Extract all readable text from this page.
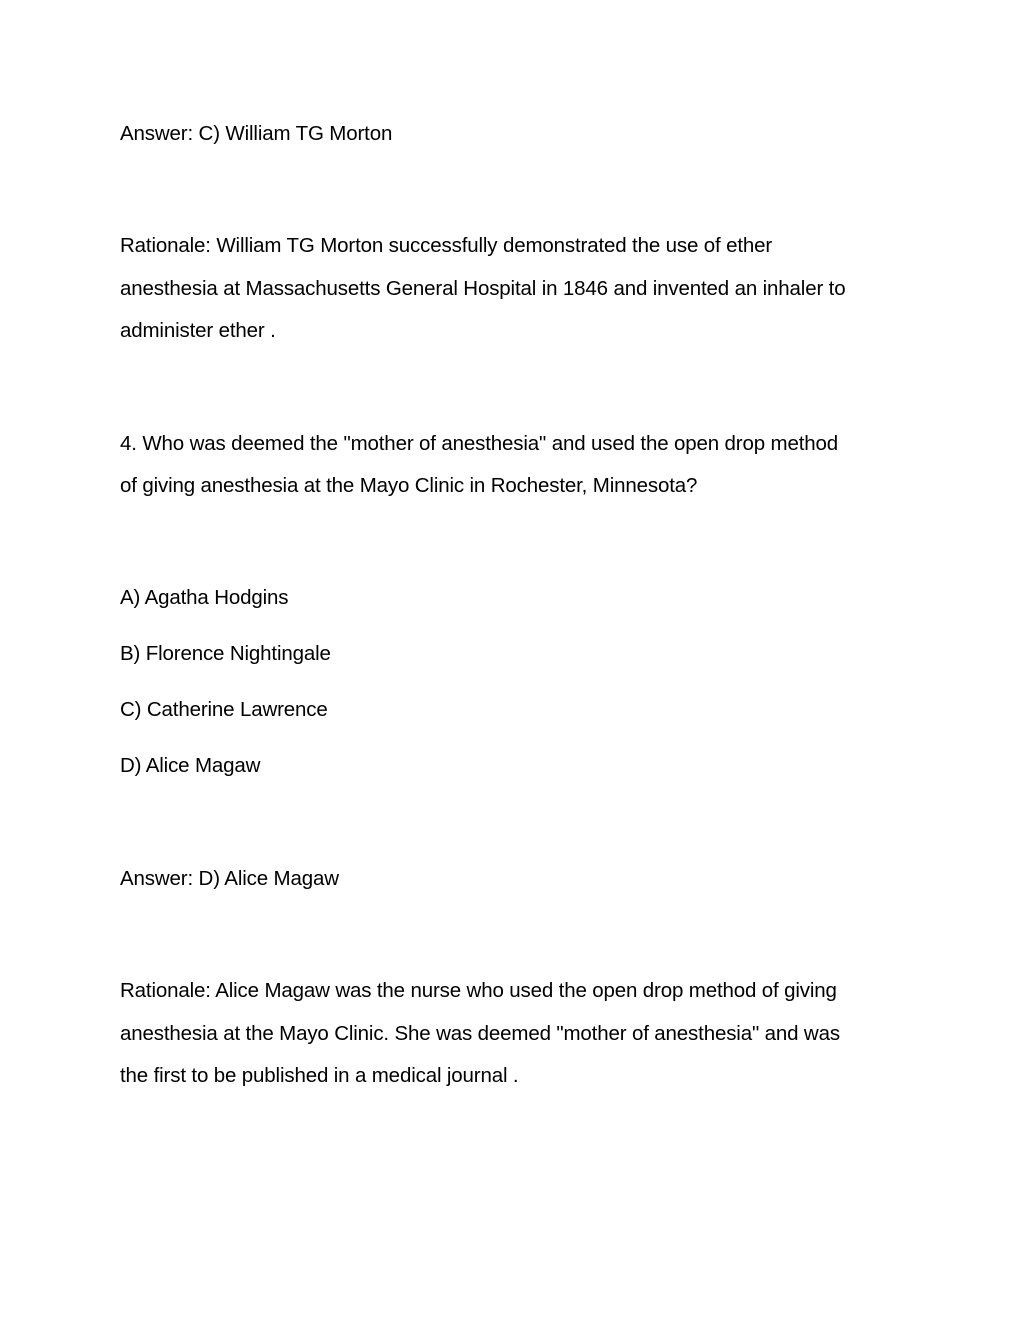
Answer: C) William TG Morton
Rationale: William TG Morton successfully demonstrated the use of ether
anesthesia at Massachusetts General Hospital in 1846 and invented an inhaler to
administer ether .
4. Who was deemed the "mother of anesthesia" and used the open drop method
of giving anesthesia at the Mayo Clinic in Rochester, Minnesota?
A) Agatha Hodgins
B) Florence Nightingale
C) Catherine Lawrence
D) Alice Magaw
Answer: D) Alice Magaw
Rationale: Alice Magaw was the nurse who used the open drop method of giving
anesthesia at the Mayo Clinic. She was deemed "mother of anesthesia" and was
the first to be published in a medical journal .
